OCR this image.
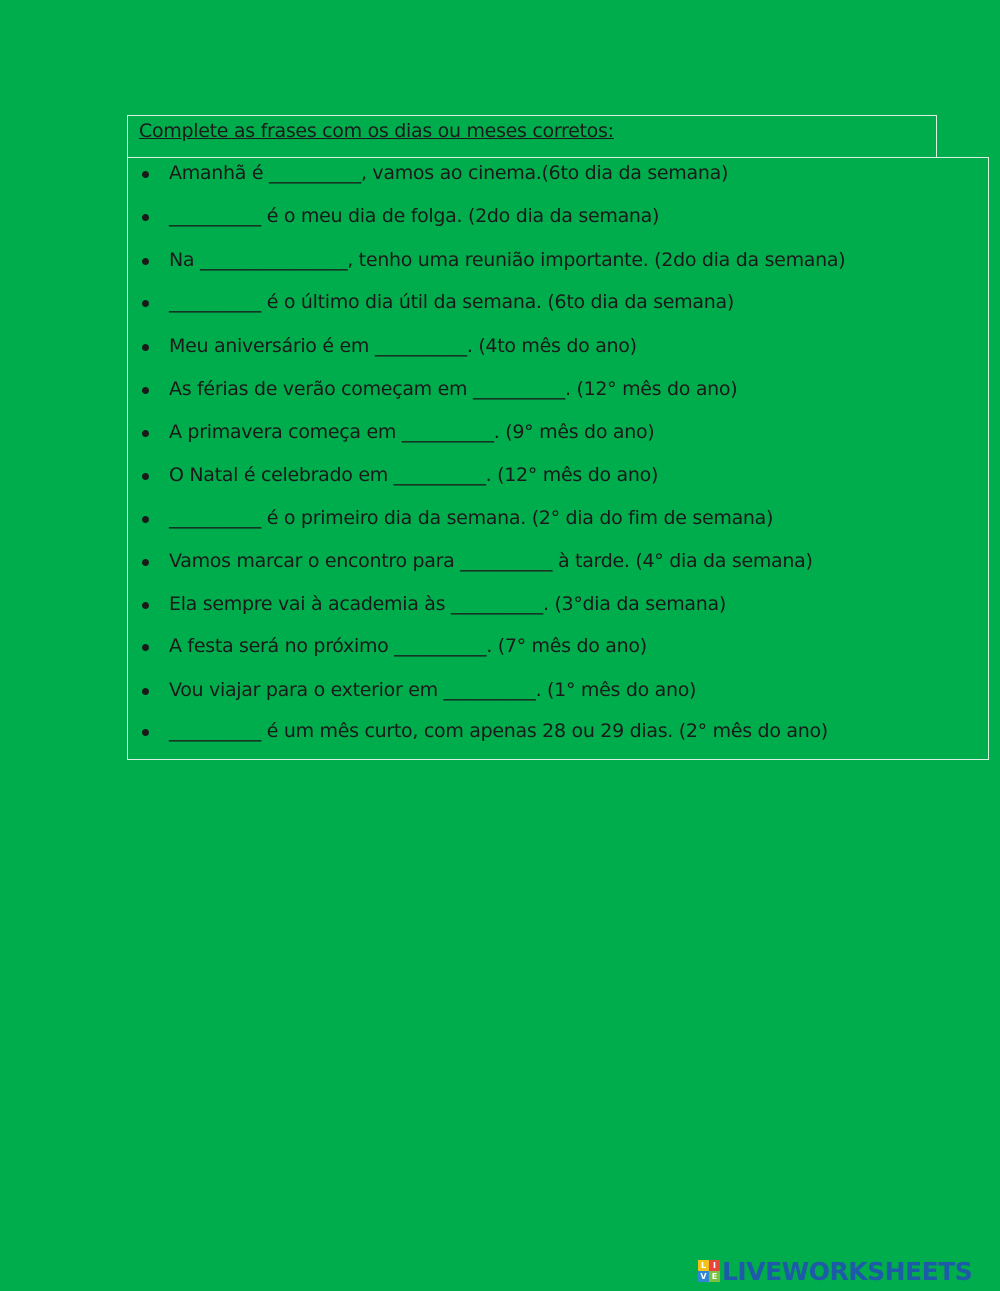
Complete as frases com os dias ou meses corretos:
Amanhã é __________, vamos ao cinema.(6to dia da semana)
__________ é o meu dia de folga. (2do dia da semana)
Na ________________, tenho uma reunião importante. (2do dia da semana)
__________ é o último dia útil da semana. (6to dia da semana)
Meu aniversário é em __________. (4to mês do ano)
As férias de verão começam em __________. (12° mês do ano)
A primavera começa em __________. (9° mês do ano)
O Natal é celebrado em __________. (12° mês do ano)
__________ é o primeiro dia da semana. (2° dia do fim de semana)
Vamos marcar o encontro para __________ à tarde. (4° dia da semana)
Ela sempre vai à academia às __________. (3°dia da semana)
A festa será no próximo __________. (7° mês do ano)
Vou viajar para o exterior em __________. (1° mês do ano)
__________ é um mês curto, com apenas 28 ou 29 dias. (2° mês do ano)
L I
V E LIVEWORKSHEETS
